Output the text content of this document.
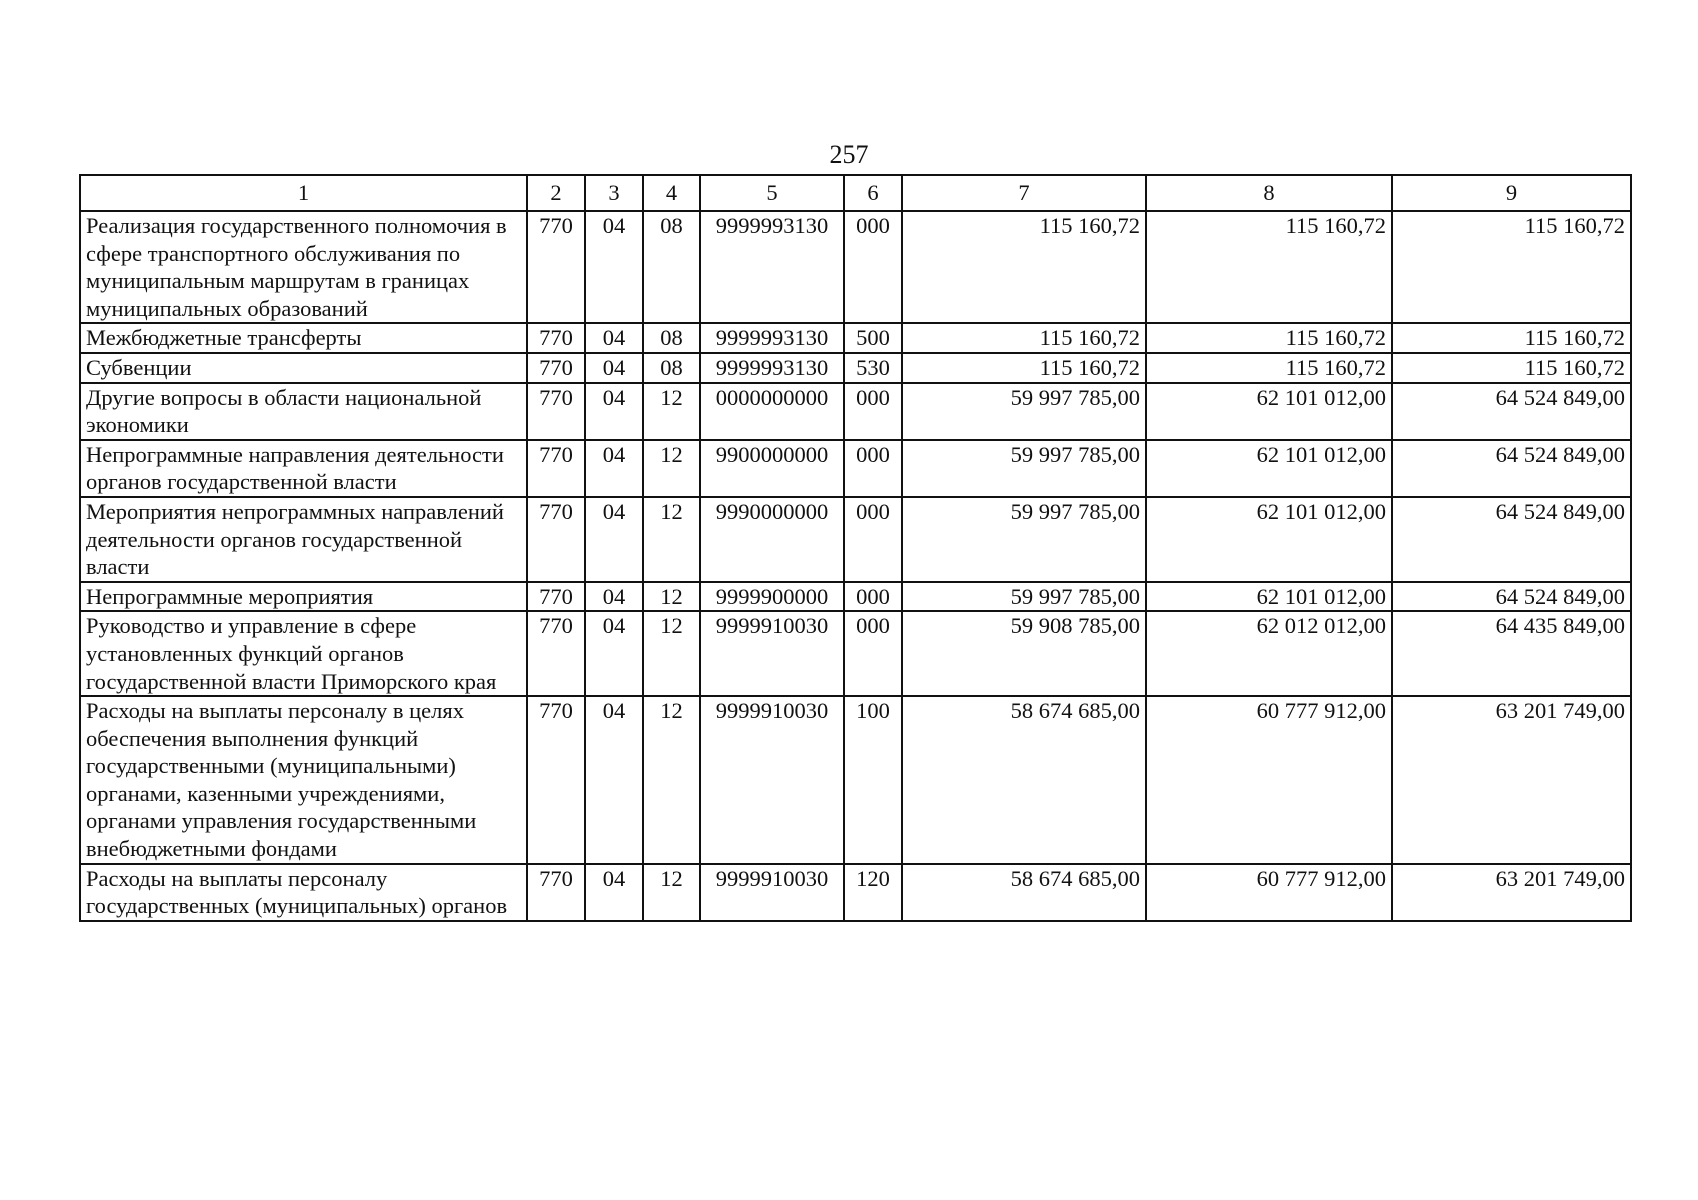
257
1	2	3	4	5	6	7	8	9
Реализация государственного полномочия в сфере транспортного обслуживания по муниципальным маршрутам в границах муниципальных образований	770	04	08	9999993130	000	115 160,72	115 160,72	115 160,72
Межбюджетные трансферты	770	04	08	9999993130	500	115 160,72	115 160,72	115 160,72
Субвенции	770	04	08	9999993130	530	115 160,72	115 160,72	115 160,72
Другие вопросы в области национальной экономики	770	04	12	0000000000	000	59 997 785,00	62 101 012,00	64 524 849,00
Непрограммные направления деятельности органов государственной власти	770	04	12	9900000000	000	59 997 785,00	62 101 012,00	64 524 849,00
Мероприятия непрограммных направлений деятельности органов государственной власти	770	04	12	9990000000	000	59 997 785,00	62 101 012,00	64 524 849,00
Непрограммные мероприятия	770	04	12	9999900000	000	59 997 785,00	62 101 012,00	64 524 849,00
Руководство и управление в сфере установленных функций органов государственной власти Приморского края	770	04	12	9999910030	000	59 908 785,00	62 012 012,00	64 435 849,00
Расходы на выплаты персоналу в целях обеспечения выполнения функций государственными (муниципальными) органами, казенными учреждениями, органами управления государственными внебюджетными фондами	770	04	12	9999910030	100	58 674 685,00	60 777 912,00	63 201 749,00
Расходы на выплаты персоналу государственных (муниципальных) органов	770	04	12	9999910030	120	58 674 685,00	60 777 912,00	63 201 749,00
